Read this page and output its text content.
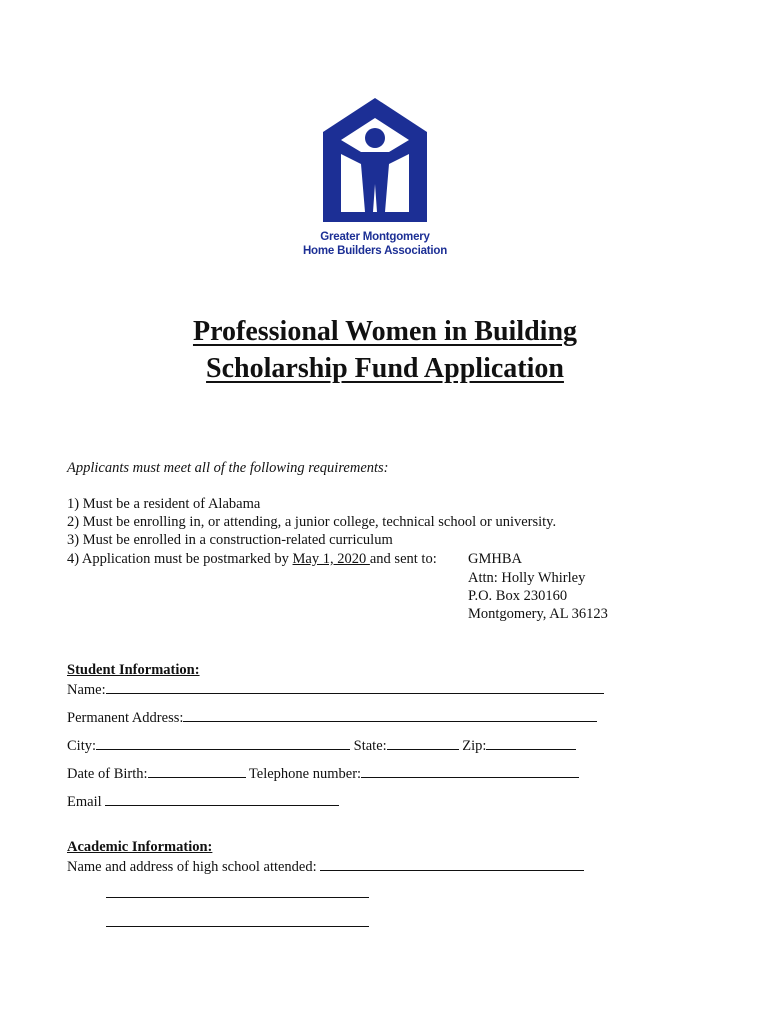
Greater Montgomery
Home Builders Association
Professional Women in Building
Scholarship Fund Application
Applicants must meet all of the following requirements:
1) Must be a resident of Alabama
2) Must be enrolling in, or attending, a junior college, technical school or university.
3) Must be enrolled in a construction-related curriculum
4) Application must be postmarked by May 1, 2020 and sent to: GMHBA
Attn: Holly Whirley
P.O. Box 230160
Montgomery, AL 36123
Student Information:
Name:
Permanent Address:
City:	State:	Zip:
Date of Birth:	Telephone number:
Email
Academic Information:
Name and address of high school attended:
